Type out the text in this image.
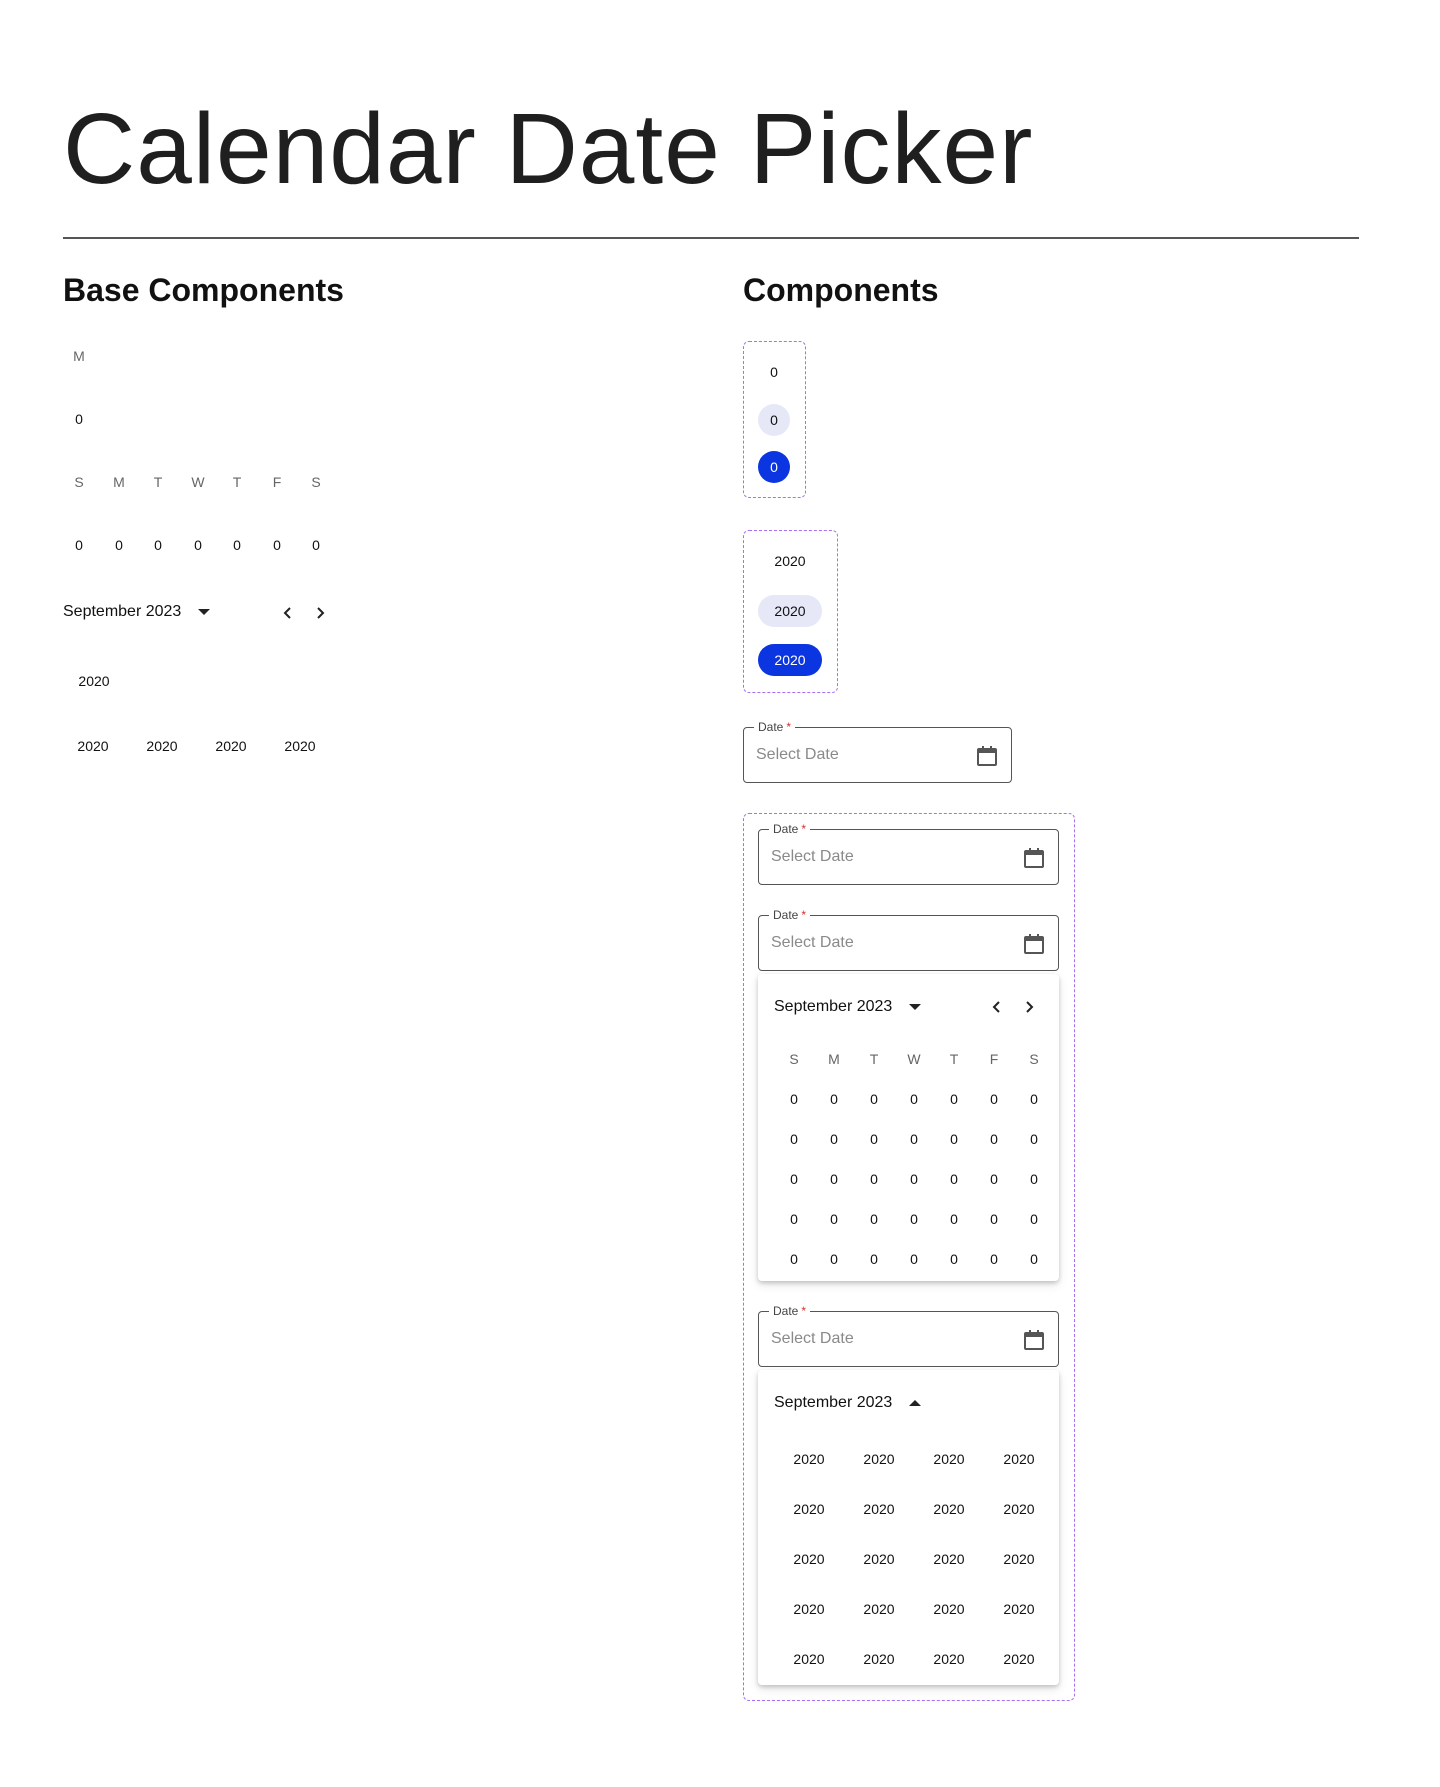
Calendar Date Picker
Base Components
M
0
S	M	T	W	T	F	S
0	0	0	0	0	0	0
September 2023
2020
2020	2020	2020	2020
Components
0
0
0
2020
2020
2020
Date *
Select Date
Date *
Select Date
Date *
Select Date
September 2023
S	M	T	W	T	F	S
0	0	0	0	0	0	0
0	0	0	0	0	0	0
0	0	0	0	0	0	0
0	0	0	0	0	0	0
0	0	0	0	0	0	0
Date *
Select Date
September 2023
2020	2020	2020	2020
2020	2020	2020	2020
2020	2020	2020	2020
2020	2020	2020	2020
2020	2020	2020	2020
